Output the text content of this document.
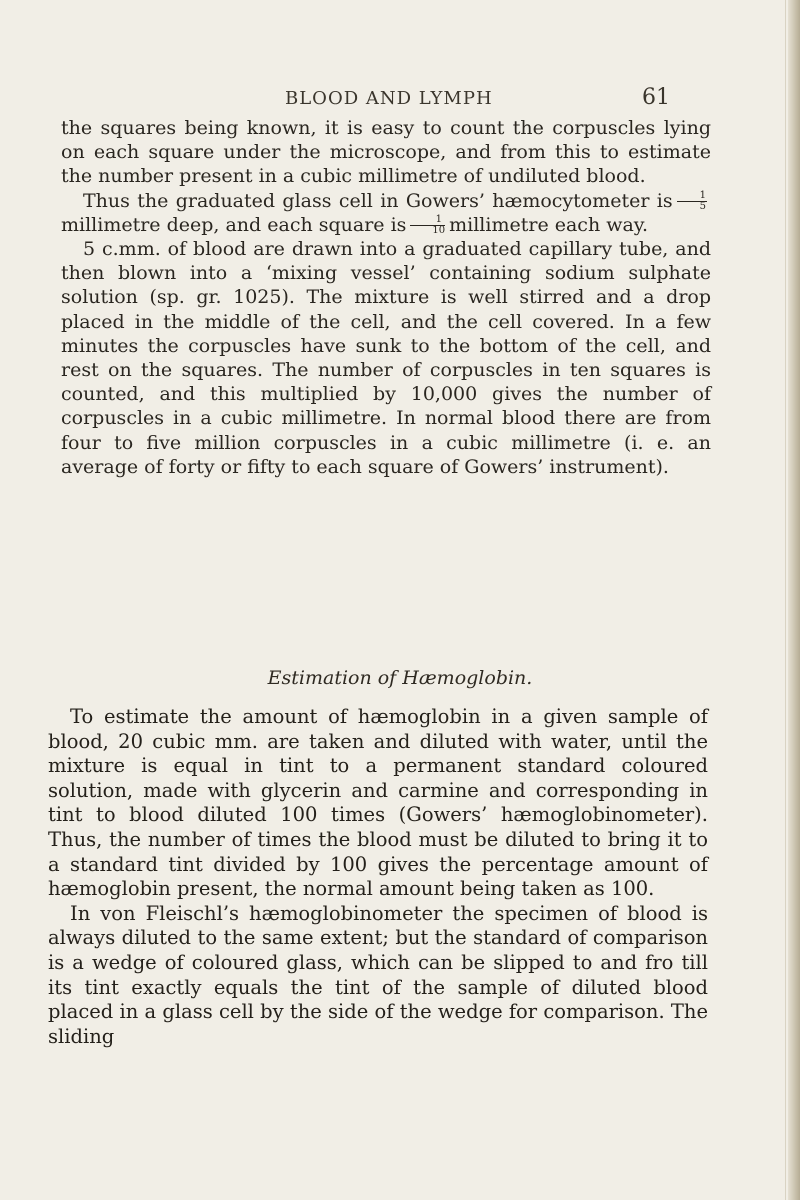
BLOOD AND LYMPH	61

the squares being known, it is easy to count the corpuscles lying on each square under the microscope, and from this to estimate the number present in a cubic millimetre of undiluted blood.

Thus the graduated glass cell in Gowers’ hæmocytometer is $\frac{1}{5}$
millimetre deep, and each square is $\frac{1}{10}$ millimetre each way.

5 c.mm. of blood are drawn into a graduated capillary tube, and then blown into a ‘mixing vessel’ containing sodium sulphate solution (sp. gr. 1025). The mixture is well stirred and a drop placed in the middle of the cell, and the cell covered. In a few minutes the corpuscles have sunk to the bottom of the cell, and rest on the squares. The number of corpuscles in ten squares is counted, and this multiplied by 10,000 gives the number of corpuscles in a cubic millimetre. In normal blood there are from four to five million corpuscles in a cubic millimetre (i. e. an average of forty or fifty to each square of Gowers’ instrument).

Estimation of Hæmoglobin.

To estimate the amount of hæmoglobin in a given sample of blood, 20 cubic mm. are taken and diluted with water, until the mixture is equal in tint to a permanent standard coloured solution, made with glycerin and carmine and corresponding in tint to blood diluted 100 times (Gowers’ hæmoglobinometer). Thus, the number of times the blood must be diluted to bring it to a standard tint divided by 100 gives the percentage amount of hæmoglobin present, the normal amount being taken as 100.

In von Fleischl’s hæmoglobinometer the specimen of blood is always diluted to the same extent; but the standard of comparison is a wedge of coloured glass, which can be slipped to and fro till its tint exactly equals the tint of the sample of diluted blood placed in a glass cell by the side of the wedge for comparison. The sliding
